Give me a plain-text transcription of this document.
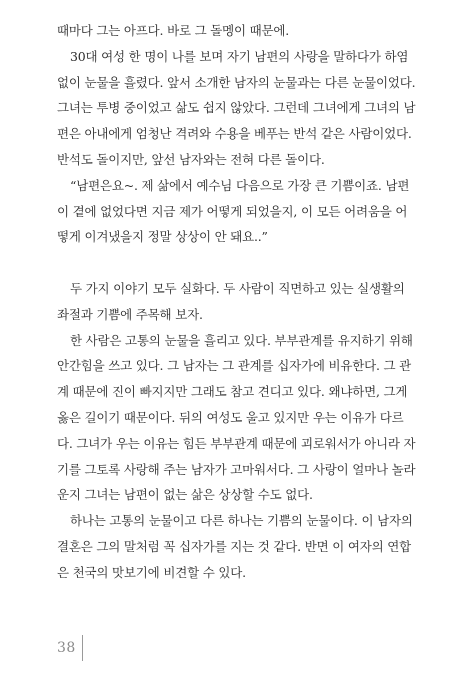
때마다 그는 아프다. 바로 그 돌멩이 때문에.
30대 여성 한 명이 나를 보며 자기 남편의 사랑을 말하다가 하염
없이 눈물을 흘렸다. 앞서 소개한 남자의 눈물과는 다른 눈물이었다.
그녀는 투병 중이었고 삶도 쉽지 않았다. 그런데 그녀에게 그녀의 남
편은 아내에게 엄청난 격려와 수용을 베푸는 반석 같은 사람이었다.
반석도 돌이지만, 앞선 남자와는 전혀 다른 돌이다.
“남편은요~. 제 삶에서 예수님 다음으로 가장 큰 기쁨이죠. 남편
이 곁에 없었다면 지금 제가 어떻게 되었을지, 이 모든 어려움을 어
떻게 이겨냈을지 정말 상상이 안 돼요..”
두 가지 이야기 모두 실화다. 두 사람이 직면하고 있는 실생활의
좌절과 기쁨에 주목해 보자.
한 사람은 고통의 눈물을 흘리고 있다. 부부관계를 유지하기 위해
안간힘을 쓰고 있다. 그 남자는 그 관계를 십자가에 비유한다. 그 관
계 때문에 진이 빠지지만 그래도 참고 견디고 있다. 왜냐하면, 그게
옳은 길이기 때문이다. 뒤의 여성도 울고 있지만 우는 이유가 다르
다. 그녀가 우는 이유는 힘든 부부관계 때문에 괴로워서가 아니라 자
기를 그토록 사랑해 주는 남자가 고마워서다. 그 사랑이 얼마나 놀라
운지 그녀는 남편이 없는 삶은 상상할 수도 없다.
하나는 고통의 눈물이고 다른 하나는 기쁨의 눈물이다. 이 남자의
결혼은 그의 말처럼 꼭 십자가를 지는 것 같다. 반면 이 여자의 연합
은 천국의 맛보기에 비견할 수 있다.
38
